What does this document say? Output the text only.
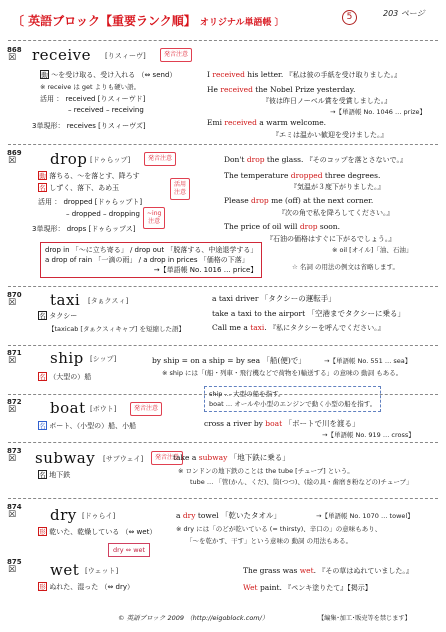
〔 英語ブロック【重要ランク順】 オリジナル単語帳 〕
5	203 ページ
868
☒ receive [りスィーヴ]	発音注意
動 ～を受け取る、受け入れる （⇔ send）
※ receive は get よりも硬い語。
活用 ： received [りスィーヴド]
– received – receiving
3単現形： receives [りスィーヴズ]
I received his letter. 『私は彼の手紙を受け取りました。』
He received the Nobel Prize yesterday.
『彼は昨日ノーベル賞を受賞しました。』
→【単語帳 No. 1046 … prize】
Emi received a warm welcome.
『エミは温かい歓迎を受けました。』
869
☒ drop [ドゥらップ]	発音注意
動 落ちる、～を落とす、降ろす
名 しずく、落下、あめ玉	活用
注意
活用 ： dropped [ドゥらップト]
– dropped – dropping	~ing
注意
3単現形： drops [ドゥらップス]
Don't drop the glass. 『そのコップを落とさないで。』
The temperature dropped three degrees.
『気温が３度下がりました。』
Please drop me (off) at the next corner.
『次の角で私を降ろしてください。』
The price of oil will drop soon.
『石油の価格はすぐに下がるでしょう。』
※ oil [オイル]「油、石油」
drop in 「～に立ち寄る」 / drop out 「脱落する、中途退学する」
a drop of rain 「一滴の雨」 / a drop in prices 「価格の下落」
→【単語帳 No. 1016 … price】	☆ 名詞 の用法の例文は省略します。
870
☒ taxi [タぁクスィ]
名 タクシー
【taxicab [タぁクスィキャブ] を短縮した語】
a taxi driver 「タクシーの運転手」
take a taxi to the airport 「空港までタクシーに乗る」
Call me a taxi. 『私にタクシーを呼んでください。』
871
☒ ship [シップ]
名 （大型の）船
by ship = on a ship = by sea 「船(便)で」	→【単語帳 No. 551 … sea】
※ ship には「(船・列車・飛行機などで荷物を)輸送する」の意味の 動詞 もある。
872
☒ boat [ボウト]	発音注意
名 ボート、（小型の）船、小船
ship … 大型の船を指す。
boat … オールや小型のエンジンで動く小型の船を指す。
cross a river by boat 「ボートで川を渡る」
→【単語帳 No. 919 … cross】
873
☒ subway [サブウェイ]	発音注意
名 地下鉄
take a subway 「地下鉄に乗る」
※ ロンドンの地下鉄のことは the tube [チューブ] という。
tube … 「管(かん、くだ)、筒(つつ)、(絵の具・歯磨き粉などの)チューブ」
874
☒ dry [ドゥらイ]
形 乾いた、乾燥している （⇔ wet）
dry ⇔ wet
a dry towel 「乾いたタオル」	→【単語帳 No. 1070 … towel】
※ dry には「のどが乾いている (= thirsty)、辛口の」の意味もあり、
「～を乾かす、干す」という意味の 動詞 の用法もある。
875
☒ wet [ウェット]
形 ぬれた、湿った （⇔ dry）
The grass was wet. 『その草はぬれていました。』
Wet paint. 『ペンキ塗りたて』【掲示】
© 英語ブロック 2009 （http://eigoblock.com/）	【編集･加工･販売等を禁じます】
